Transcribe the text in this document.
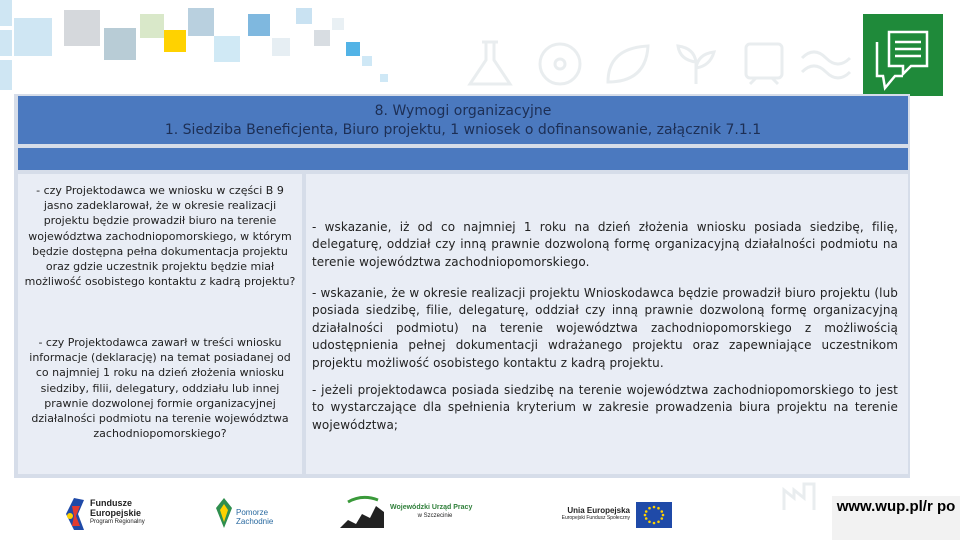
8. Wymogi organizacyjne
1. Siedziba Beneficjenta, Biuro projektu, 1 wniosek o dofinansowanie, załącznik 7.1.1
- czy Projektodawca we wniosku w części B 9 jasno zadeklarował, że w okresie realizacji projektu będzie prowadził biuro na terenie województwa zachodniopomorskiego, w którym będzie dostępna pełna dokumentacja projektu oraz gdzie uczestnik projektu będzie miał możliwość osobistego kontaktu z kadrą projektu?
- czy Projektodawca zawarł w treści wniosku informacje (deklarację) na temat posiadanej od co najmniej 1 roku na dzień złożenia wniosku siedziby, filii, delegatury, oddziału lub innej prawnie dozwolonej formie organizacyjnej działalności podmiotu na terenie województwa zachodniopomorskiego?
- wskazanie, iż od co najmniej 1 roku na dzień złożenia wniosku posiada siedzibę, filię, delegaturę, oddział czy inną prawnie dozwoloną formę organizacyjną działalności podmiotu na terenie województwa zachodniopomorskiego.
- wskazanie, że w okresie realizacji projektu Wnioskodawca będzie prowadził biuro projektu (lub posiada siedzibę, filie, delegaturę, oddział czy inną prawnie dozwoloną formę organizacyjną działalności podmiotu) na terenie województwa zachodniopomorskiego z możliwością udostępnienia pełnej dokumentacji wdrażanego projektu oraz zapewniające uczestnikom projektu możliwość osobistego kontaktu z kadrą projektu.
- jeżeli projektodawca posiada siedzibę na terenie województwa zachodniopomorskiego to jest to wystarczające dla spełnienia kryterium w zakresie prowadzenia biura projektu na terenie województwa;
Fundusze
Europejskie
Program Regionalny
Pomorze
Zachodnie
Wojewódzki Urząd Pracy
w Szczecinie
Unia Europejska
Europejski Fundusz Społeczny
www.wup.pl/r po
